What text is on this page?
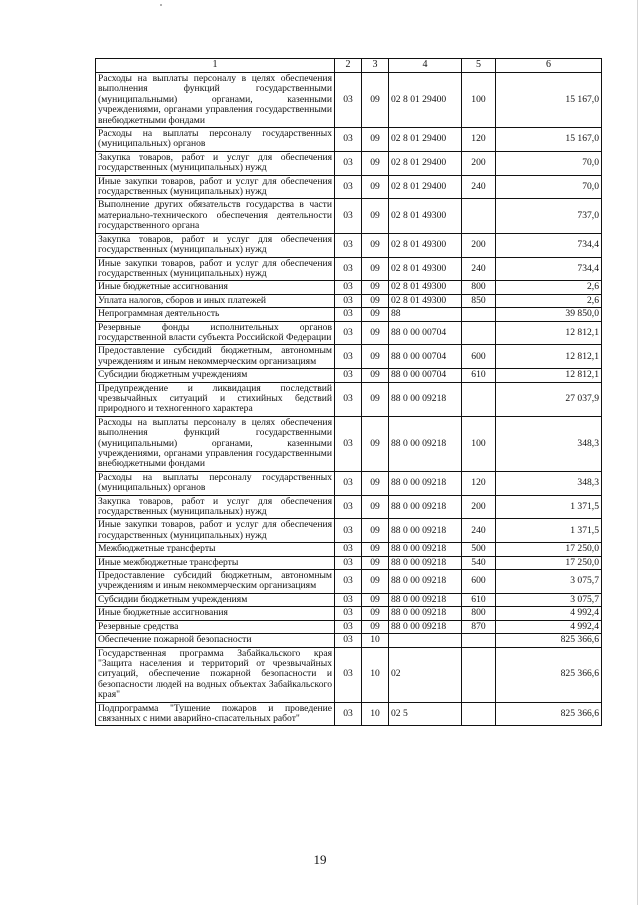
1	2	3	4	5	6
Расходы на выплаты персоналу в целях обеспечения выполнения функций государственными (муниципальными) органами, казенными учреждениями, органами управления государственными внебюджетными фондами	03	09	02 8 01 29400	100	15 167,0
Расходы на выплаты персоналу государственных (муниципальных) органов	03	09	02 8 01 29400	120	15 167,0
Закупка товаров, работ и услуг для обеспечения государственных (муниципальных) нужд	03	09	02 8 01 29400	200	70,0
Иные закупки товаров, работ и услуг для обеспечения государственных (муниципальных) нужд	03	09	02 8 01 29400	240	70,0
Выполнение других обязательств государства в части материально-технического обеспечения деятельности государственного органа	03	09	02 8 01 49300		737,0
Закупка товаров, работ и услуг для обеспечения государственных (муниципальных) нужд	03	09	02 8 01 49300	200	734,4
Иные закупки товаров, работ и услуг для обеспечения государственных (муниципальных) нужд	03	09	02 8 01 49300	240	734,4
Иные бюджетные ассигнования	03	09	02 8 01 49300	800	2,6
Уплата налогов, сборов и иных платежей	03	09	02 8 01 49300	850	2,6
Непрограммная деятельность	03	09	88		39 850,0
Резервные фонды исполнительных органов государственной власти субъекта Российской Федерации	03	09	88 0 00 00704		12 812,1
Предоставление субсидий бюджетным, автономным учреждениям и иным некоммерческим организациям	03	09	88 0 00 00704	600	12 812,1
Субсидии бюджетным учреждениям	03	09	88 0 00 00704	610	12 812,1
Предупреждение и ликвидация последствий чрезвычайных ситуаций и стихийных бедствий природного и техногенного характера	03	09	88 0 00 09218		27 037,9
Расходы на выплаты персоналу в целях обеспечения выполнения функций государственными (муниципальными) органами, казенными учреждениями, органами управления государственными внебюджетными фондами	03	09	88 0 00 09218	100	348,3
Расходы на выплаты персоналу государственных (муниципальных) органов	03	09	88 0 00 09218	120	348,3
Закупка товаров, работ и услуг для обеспечения государственных (муниципальных) нужд	03	09	88 0 00 09218	200	1 371,5
Иные закупки товаров, работ и услуг для обеспечения государственных (муниципальных) нужд	03	09	88 0 00 09218	240	1 371,5
Межбюджетные трансферты	03	09	88 0 00 09218	500	17 250,0
Иные межбюджетные трансферты	03	09	88 0 00 09218	540	17 250,0
Предоставление субсидий бюджетным, автономным учреждениям и иным некоммерческим организациям	03	09	88 0 00 09218	600	3 075,7
Субсидии бюджетным учреждениям	03	09	88 0 00 09218	610	3 075,7
Иные бюджетные ассигнования	03	09	88 0 00 09218	800	4 992,4
Резервные средства	03	09	88 0 00 09218	870	4 992,4
Обеспечение пожарной безопасности	03	10			825 366,6
Государственная программа Забайкальского края "Защита населения и территорий от чрезвычайных ситуаций, обеспечение пожарной безопасности и безопасности людей на водных объектах Забайкальского края"	03	10	02		825 366,6
Подпрограмма "Тушение пожаров и проведение связанных с ними аварийно-спасательных работ"	03	10	02 5		825 366,6
19
